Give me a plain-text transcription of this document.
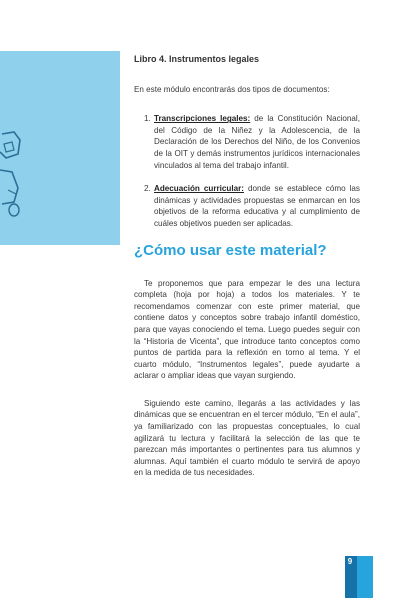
Libro 4. Instrumentos legales

En este módulo encontrarás dos tipos de documentos:

1. Transcripciones legales: de la Constitución Nacional, del Código de la Niñez y la Adolescencia, de la Declaración de los Derechos del Niño, de los Convenios de la OIT y demás instrumentos jurídicos internacionales vinculados al tema del trabajo infantil.
2. Adecuación curricular: donde se establece cómo las dinámicas y actividades propuestas se enmarcan en los objetivos de la reforma educativa y al cumplimiento de cuáles objetivos pueden ser aplicadas.
¿Cómo usar este material?

Te proponemos que para empezar le des una lectura completa (hoja por hoja) a todos los materiales. Y te recomendamos comenzar con este primer material, que contiene datos y conceptos sobre trabajo infantil doméstico, para que vayas conociendo el tema. Luego puedes seguir con la “Historia de Vicenta”, que introduce tanto conceptos como puntos de partida para la reflexión en torno al tema. Y el cuarto módulo, “Instrumentos legales”, puede ayudarte a aclarar o ampliar ideas que vayan surgiendo.

Siguiendo este camino, llegarás a las actividades y las dinámicas que se encuentran en el tercer módulo, “En el aula”, ya familiarizado con las propuestas conceptuales, lo cual agilizará tu lectura y facilitará la selección de las que te parezcan más importantes o pertinentes para tus alumnos y alumnas. Aquí también el cuarto módulo te servirá de apoyo en la medida de tus necesidades.

9
